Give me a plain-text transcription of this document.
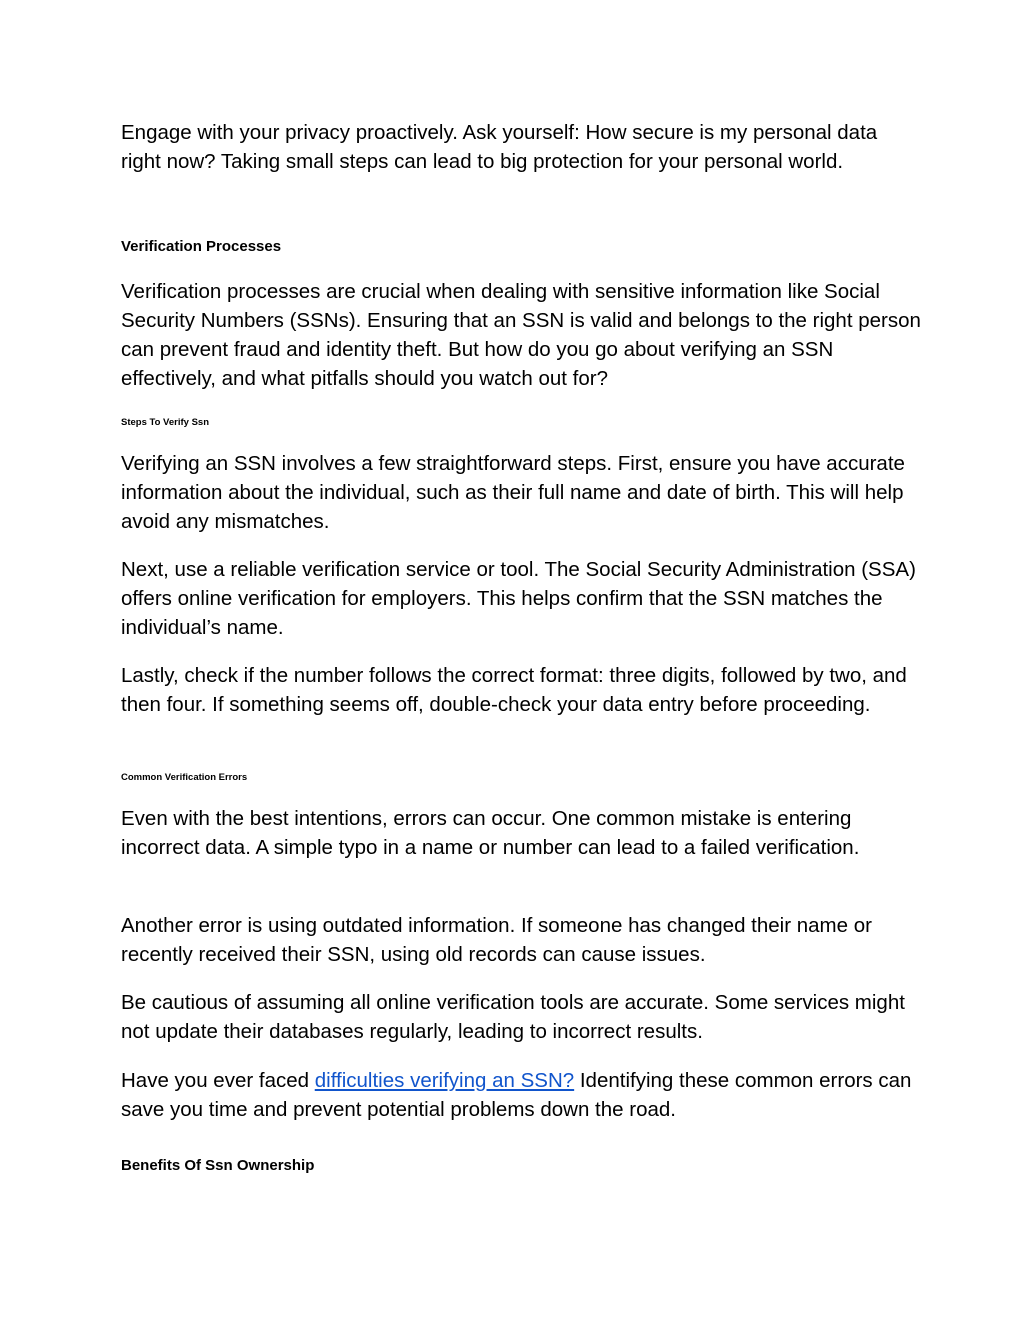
Engage with your privacy proactively. Ask yourself: How secure is my personal data right now? Taking small steps can lead to big protection for your personal world.

Verification Processes

Verification processes are crucial when dealing with sensitive information like Social Security Numbers (SSNs). Ensuring that an SSN is valid and belongs to the right person can prevent fraud and identity theft. But how do you go about verifying an SSN effectively, and what pitfalls should you watch out for?

Steps To Verify Ssn

Verifying an SSN involves a few straightforward steps. First, ensure you have accurate information about the individual, such as their full name and date of birth. This will help avoid any mismatches.

Next, use a reliable verification service or tool. The Social Security Administration (SSA) offers online verification for employers. This helps confirm that the SSN matches the individual’s name.

Lastly, check if the number follows the correct format: three digits, followed by two, and then four. If something seems off, double-check your data entry before proceeding.

Common Verification Errors

Even with the best intentions, errors can occur. One common mistake is entering incorrect data. A simple typo in a name or number can lead to a failed verification.

Another error is using outdated information. If someone has changed their name or recently received their SSN, using old records can cause issues.

Be cautious of assuming all online verification tools are accurate. Some services might not update their databases regularly, leading to incorrect results.

Have you ever faced difficulties verifying an SSN? Identifying these common errors can save you time and prevent potential problems down the road.

Benefits Of Ssn Ownership
